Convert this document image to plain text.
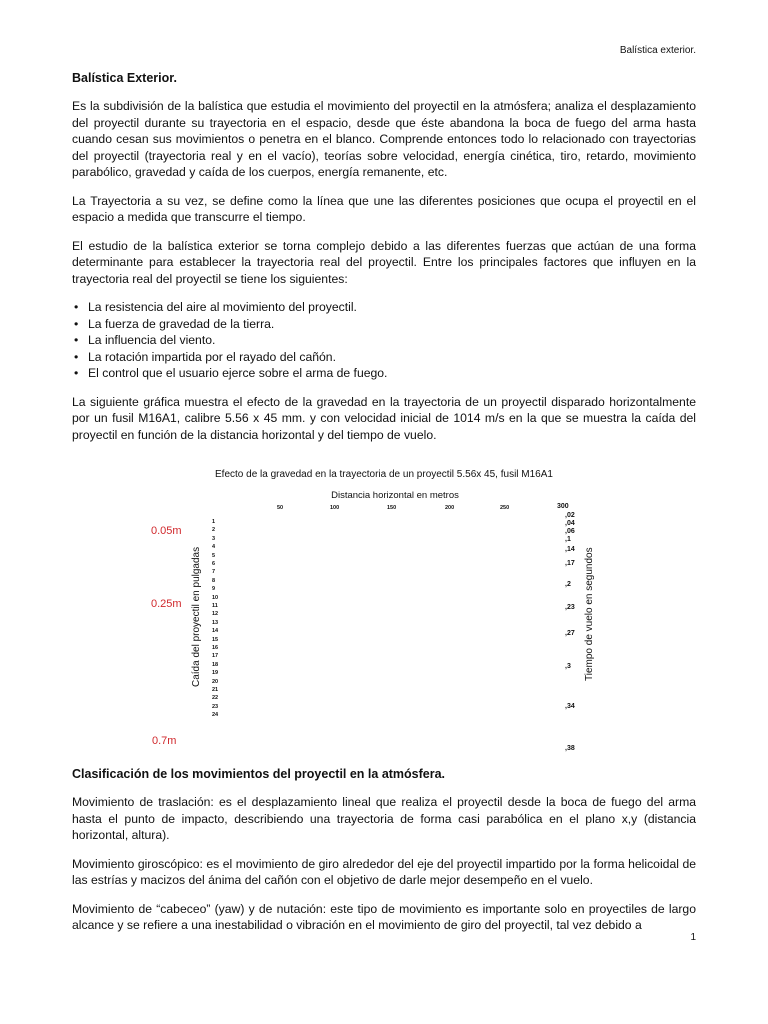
Balística exterior.
Balística Exterior.

Es la subdivisión de la balística que estudia el movimiento del proyectil en la atmósfera; analiza el desplazamiento del proyectil durante su trayectoria en el espacio, desde que éste abandona la boca de fuego del arma hasta cuando cesan sus movimientos o penetra en el blanco. Comprende entonces todo lo relacionado con trayectorias del proyectil (trayectoria real y en el vacío), teorías sobre velocidad, energía cinética, tiro, retardo, movimiento parabólico, gravedad y caída de los cuerpos, energía remanente, etc.

La Trayectoria a su vez, se define como la línea que une las diferentes posiciones que ocupa el proyectil en el espacio a medida que transcurre el tiempo.

El estudio de la balística exterior se torna complejo debido a las diferentes fuerzas que actúan de una forma determinante para establecer la trayectoria real del proyectil. Entre los principales factores que influyen en la trayectoria real del proyectil se tiene los siguientes:

• La resistencia del aire al movimiento del proyectil.
• La fuerza de gravedad de la tierra.
• La influencia del viento.
• La rotación impartida por el rayado del cañón.
• El control que el usuario ejerce sobre el arma de fuego.

La siguiente gráfica muestra el efecto de la gravedad en la trayectoria de un proyectil disparado horizontalmente por un fusil M16A1, calibre 5.56 x 45 mm. y con velocidad inicial de 1014 m/s en la que se muestra la caída del proyectil en función de la distancia horizontal y del tiempo de vuelo.

Efecto de la gravedad en la trayectoria de un proyectil 5.56x 45, fusil M16A1
Distancia horizontal en metros
Caída del proyectil en pulgadas	Tiempo de vuelo en segundos
50	100	150	200	250	300
1
2
3
4
5
6
7
8
9
10
11
12
13
14
15
16
17
18
19
20
21
22
23
24
,02
,04
,06
,1
,14
,17
,2
,23
,27
,3
,34
,38
0.05m
0.25m
0.7m
Clasificación de los movimientos del proyectil en la atmósfera.

Movimiento de traslación: es el desplazamiento lineal que realiza el proyectil desde la boca de fuego del arma hasta el punto de impacto, describiendo una trayectoria de forma casi parabólica en el plano x,y (distancia horizontal, altura).

Movimiento giroscópico: es el movimiento de giro alrededor del eje del proyectil impartido por la forma helicoidal de las estrías y macizos del ánima del cañón con el objetivo de darle mejor desempeño en el vuelo.

Movimiento de “cabeceo” (yaw) y de nutación: este tipo de movimiento es importante solo en proyectiles de largo alcance y se refiere a una inestabilidad o vibración en el movimiento de giro del proyectil, tal vez debido a

1
